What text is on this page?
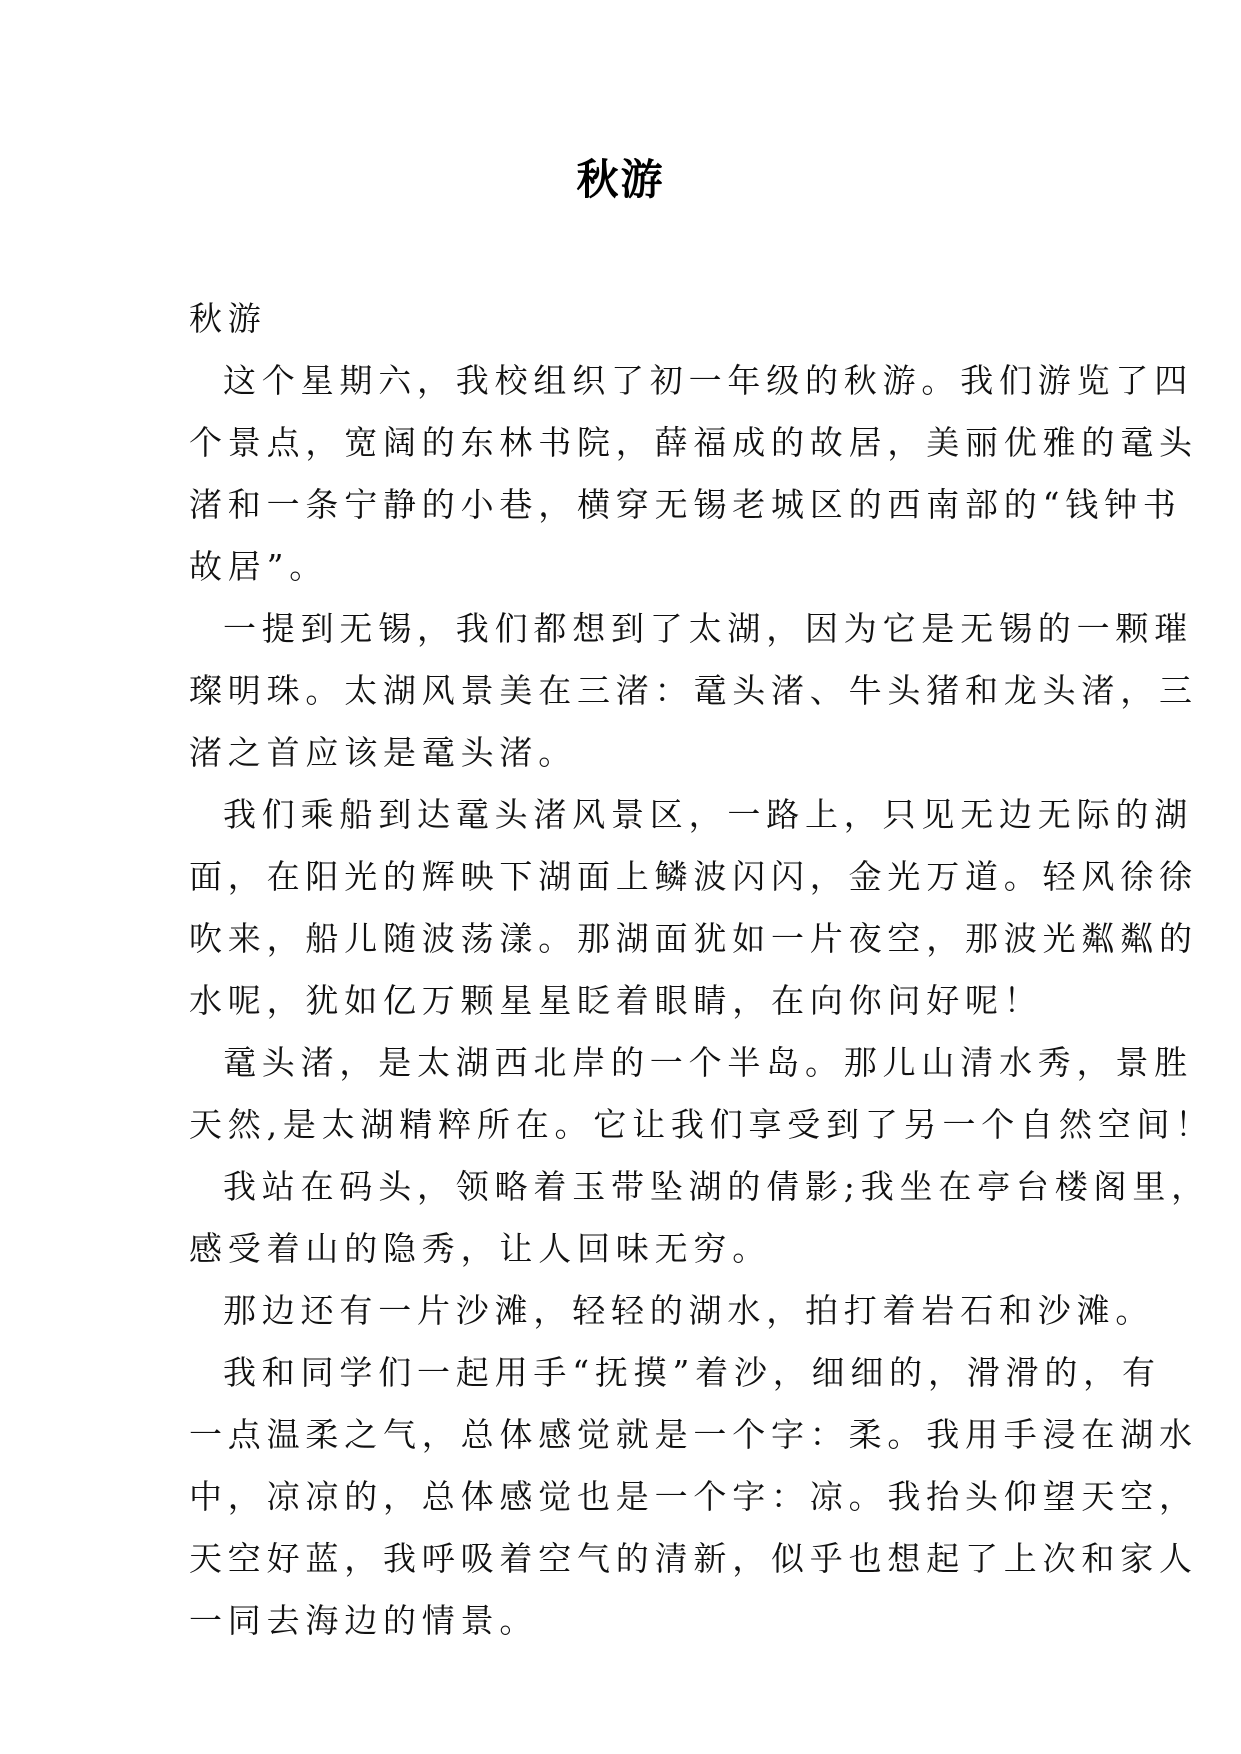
秋游
秋游
这个星期六，我校组织了初一年级的秋游。我们游览了四
个景点，宽阔的东林书院，薛福成的故居，美丽优雅的鼋头
渚和一条宁静的小巷，横穿无锡老城区的西南部的“钱钟书
故居”。
一提到无锡，我们都想到了太湖，因为它是无锡的一颗璀
璨明珠。太湖风景美在三渚：鼋头渚、牛头猪和龙头渚，三
渚之首应该是鼋头渚。
我们乘船到达鼋头渚风景区，一路上，只见无边无际的湖
面，在阳光的辉映下湖面上鳞波闪闪，金光万道。轻风徐徐
吹来，船儿随波荡漾。那湖面犹如一片夜空，那波光粼粼的
水呢，犹如亿万颗星星眨着眼睛，在向你问好呢！
鼋头渚，是太湖西北岸的一个半岛。那儿山清水秀，景胜
天然,是太湖精粹所在。它让我们享受到了另一个自然空间！
我站在码头，领略着玉带坠湖的倩影;我坐在亭台楼阁里，
感受着山的隐秀，让人回味无穷。
那边还有一片沙滩，轻轻的湖水，拍打着岩石和沙滩。
我和同学们一起用手“抚摸”着沙，细细的，滑滑的，有
一点温柔之气，总体感觉就是一个字：柔。我用手浸在湖水
中，凉凉的，总体感觉也是一个字：凉。我抬头仰望天空，
天空好蓝，我呼吸着空气的清新，似乎也想起了上次和家人
一同去海边的情景。
